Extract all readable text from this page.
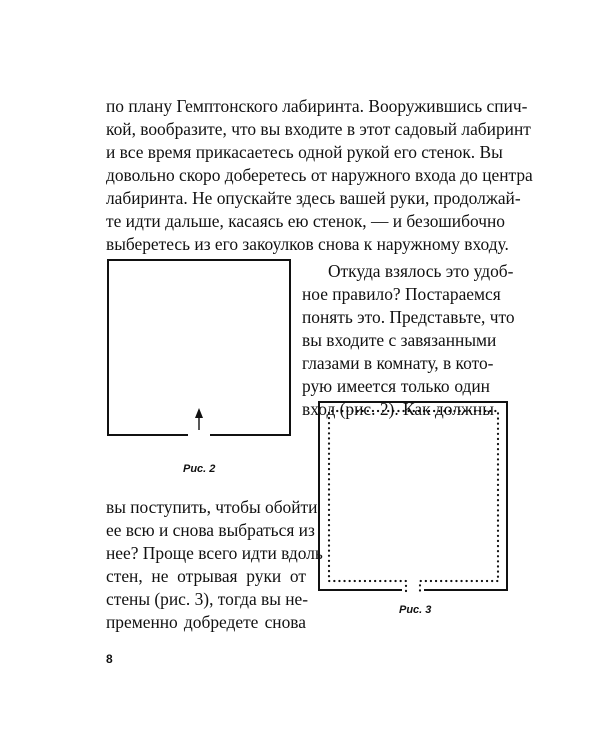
по плану Гемптонского лабиринта. Вооружившись спич-
кой, вообразите, что вы входите в этот садовый лабиринт
и все время прикасаетесь одной рукой его стенок. Вы
довольно скоро доберетесь от наружного входа до центра
лабиринта. Не опускайте здесь вашей руки, продолжай-
те идти дальше, касаясь ею стенок, — и безошибочно
выберетесь из его закоулков снова к наружному входу.
Откуда взялось это удоб-
ное правило? Постараемся
понять это. Представьте, что
вы входите с завязанными
глазами в комнату, в кото-
рую имеется только один
вход (рис. 2). Как должны
Рис. 2
вы поступить, чтобы обойти
ее всю и снова выбраться из
нее? Проще всего идти вдоль
стен, не отрывая руки от
стены (рис. 3), тогда вы не-
пременно добредете снова
Рис. 3
8
